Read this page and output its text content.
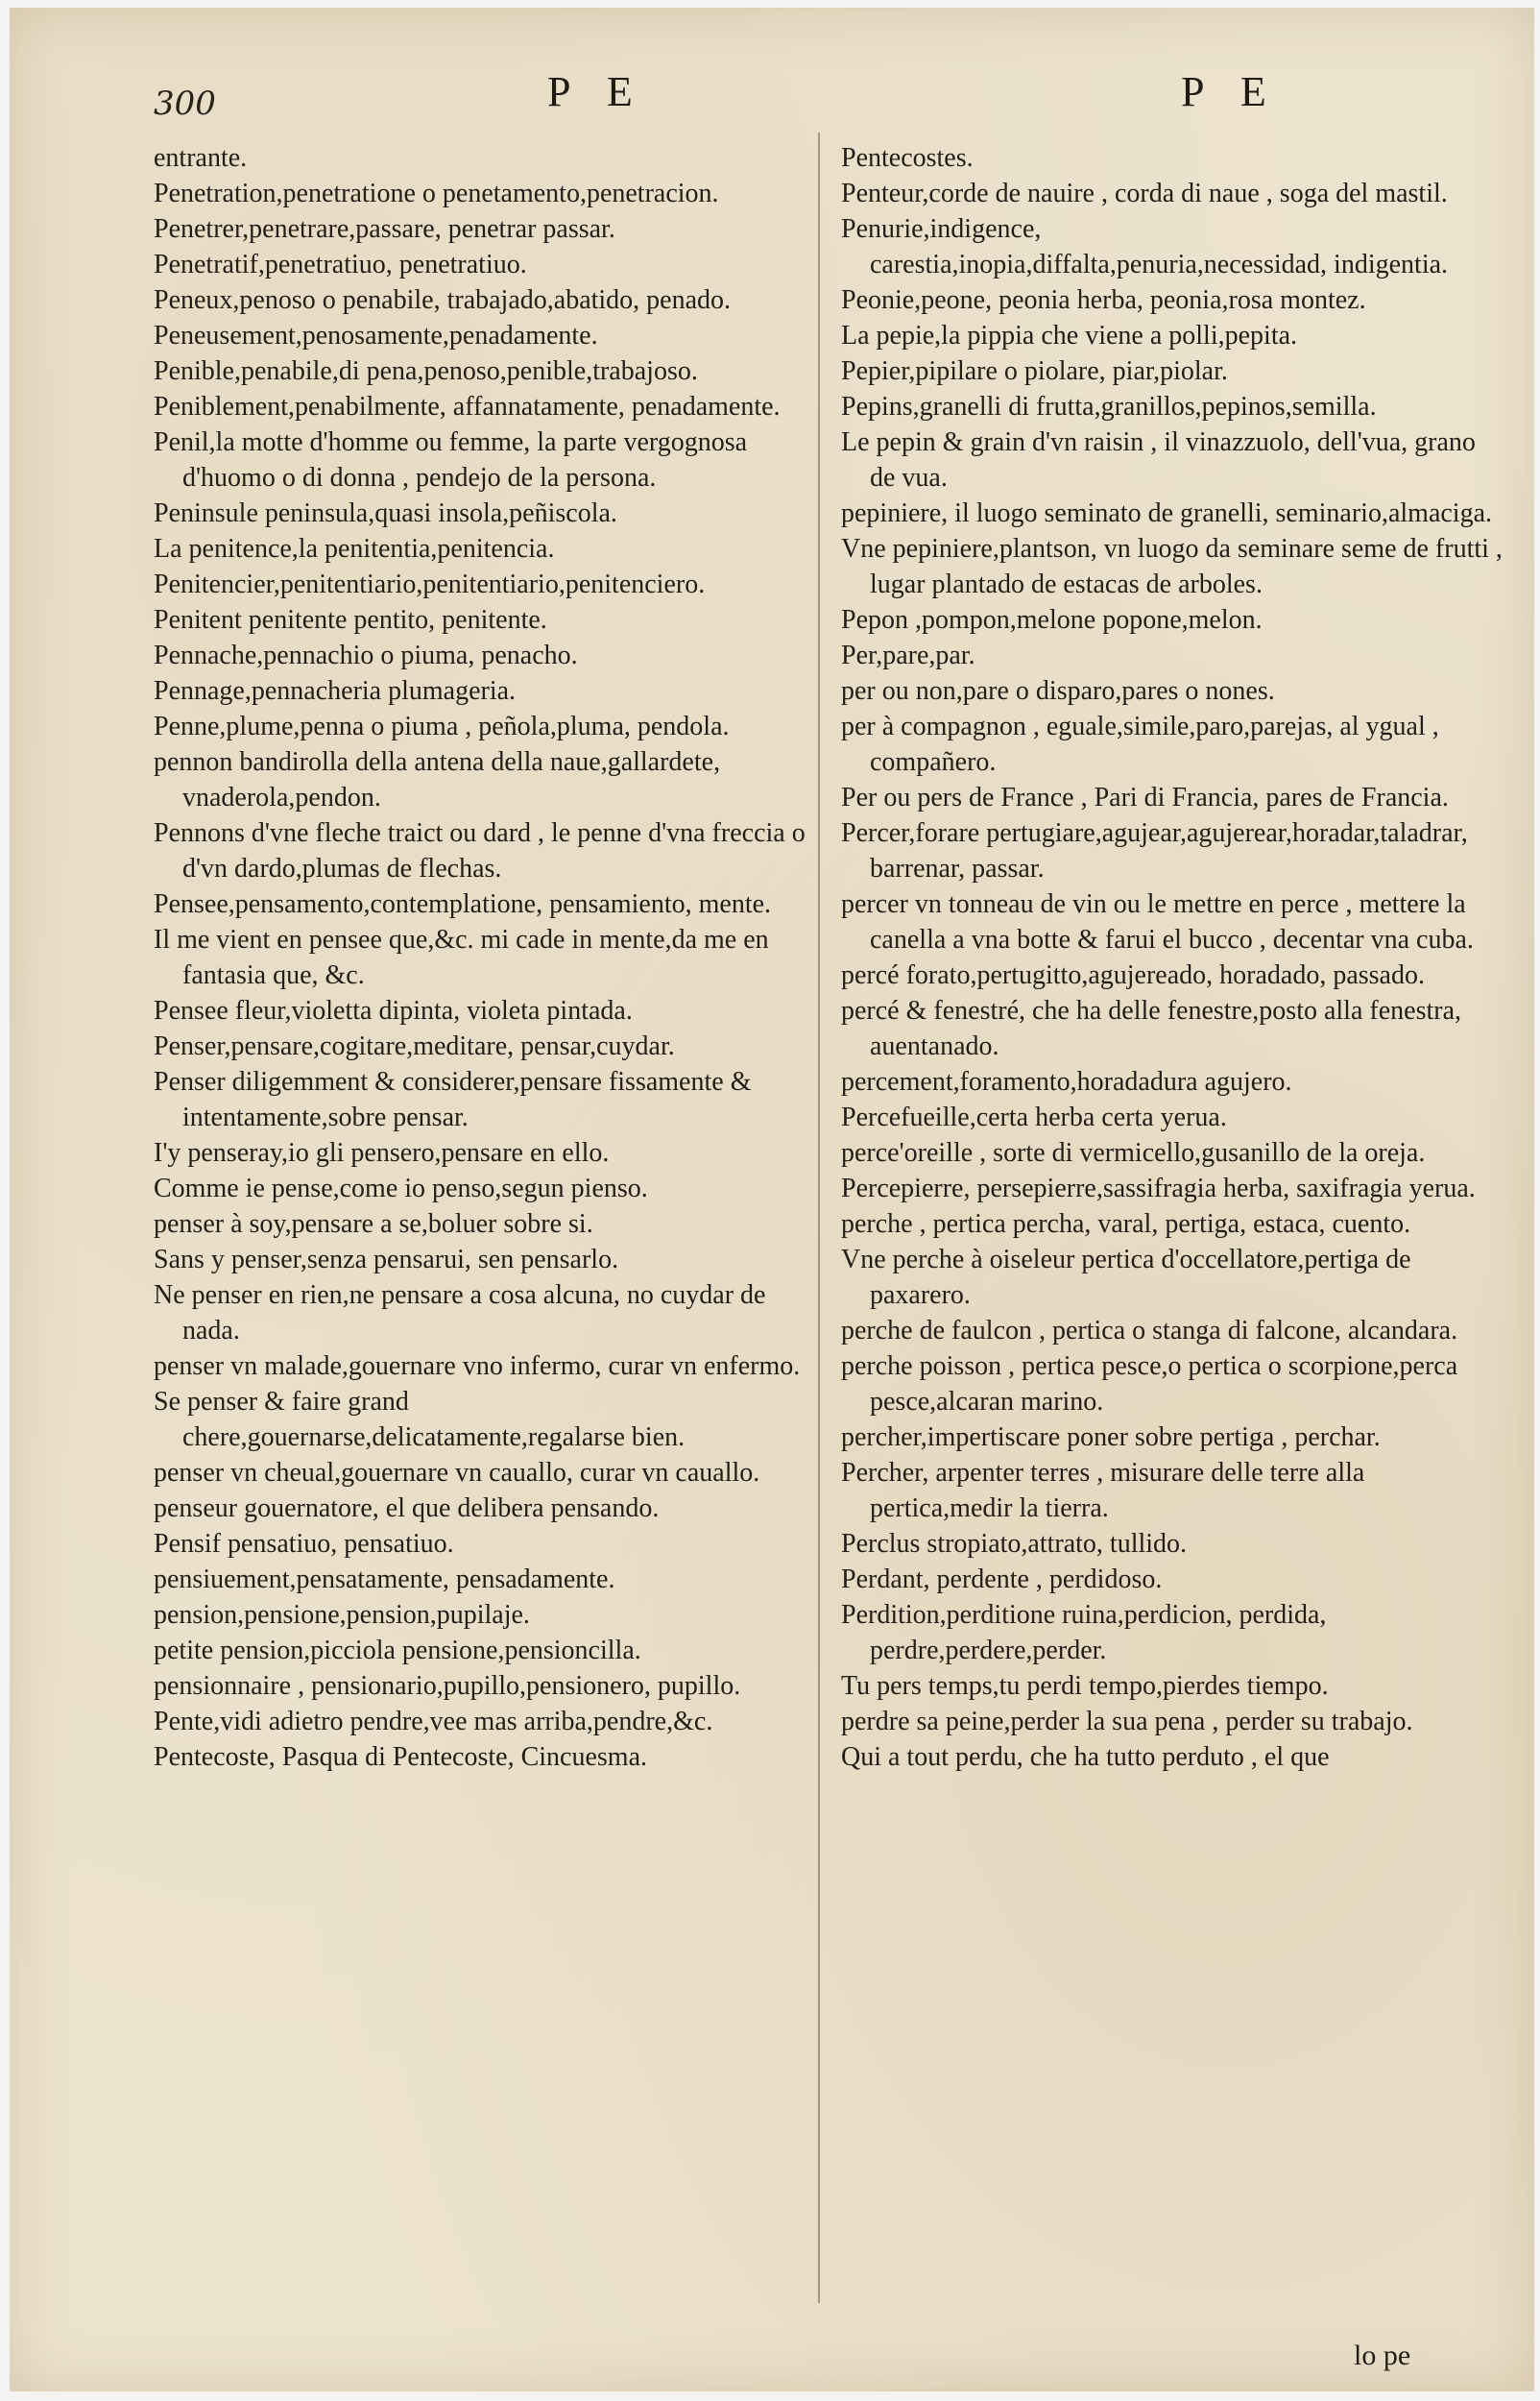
300	P E	P E

entrante.

Penetration,penetratione o penetamento,penetracion.

Penetrer,penetrare,passare, penetrar passar.

Penetratif,penetratiuo, penetratiuo.

Peneux,penoso o penabile, trabajado,abatido, penado.

Peneusement,penosamente,penadamente.

Penible,penabile,di pena,penoso,penible,trabajoso.

Peniblement,penabilmente, affannatamente, penadamente.

Penil,la motte d'homme ou femme, la parte vergognosa d'huomo o di donna , pendejo de la persona.

Peninsule peninsula,quasi insola,peñiscola.

La penitence,la penitentia,penitencia.

Penitencier,penitentiario,penitentiario,penitenciero.

Penitent penitente pentito, penitente.

Pennache,pennachio o piuma, penacho.

Pennage,pennacheria plumageria.

Penne,plume,penna o piuma , peñola,pluma, pendola.

pennon bandirolla della antena della naue,gallardete, vnaderola,pendon.

Pennons d'vne fleche traict ou dard , le penne d'vna freccia o d'vn dardo,plumas de flechas.

Pensee,pensamento,contemplatione, pensamiento, mente.

Il me vient en pensee que,&c. mi cade in mente,da me en fantasia que, &c.

Pensee fleur,violetta dipinta, violeta pintada.

Penser,pensare,cogitare,meditare, pensar,cuydar.

Penser diligemment & considerer,pensare fissamente & intentamente,sobre pensar.

I'y penseray,io gli pensero,pensare en ello.

Comme ie pense,come io penso,segun pienso.

penser à soy,pensare a se,boluer sobre si.

Sans y penser,senza pensarui, sen pensarlo.

Ne penser en rien,ne pensare a cosa alcuna, no cuydar de nada.

penser vn malade,gouernare vno infermo, curar vn enfermo.

Se penser & faire grand chere,gouernarse,delicatamente,regalarse bien.

penser vn cheual,gouernare vn cauallo, curar vn cauallo.

penseur gouernatore, el que delibera pensando.

Pensif pensatiuo, pensatiuo.

pensiuement,pensatamente, pensadamente.

pension,pensione,pension,pupilaje.

petite pension,picciola pensione,pensioncilla.

pensionnaire , pensionario,pupillo,pensionero, pupillo.

Pente,vidi adietro pendre,vee mas arriba,pendre,&c.

Pentecoste, Pasqua di Pentecoste, Cincuesma.

Pentecostes.

Penteur,corde de nauire , corda di naue , soga del mastil.

Penurie,indigence, carestia,inopia,diffalta,penuria,necessidad, indigentia.

Peonie,peone, peonia herba, peonia,rosa montez.

La pepie,la pippia che viene a polli,pepita.

Pepier,pipilare o piolare, piar,piolar.

Pepins,granelli di frutta,granillos,pepinos,semilla.

Le pepin & grain d'vn raisin , il vinazzuolo, dell'vua, grano de vua.

pepiniere, il luogo seminato de granelli, seminario,almaciga.

Vne pepiniere,plantson, vn luogo da seminare seme de frutti , lugar plantado de estacas de arboles.

Pepon ,pompon,melone popone,melon.

Per,pare,par.

per ou non,pare o disparo,pares o nones.

per à compagnon , eguale,simile,paro,parejas, al ygual , compañero.

Per ou pers de France , Pari di Francia, pares de Francia.

Percer,forare pertugiare,agujear,agujerear,horadar,taladrar, barrenar, passar.

percer vn tonneau de vin ou le mettre en perce , mettere la canella a vna botte & farui el bucco , decentar vna cuba.

percé forato,pertugitto,agujereado, horadado, passado.

percé & fenestré, che ha delle fenestre,posto alla fenestra, auentanado.

percement,foramento,horadadura agujero.

Percefueille,certa herba certa yerua.

perce'oreille , sorte di vermicello,gusanillo de la oreja.

Percepierre, persepierre,sassifragia herba, saxifragia yerua.

perche , pertica percha, varal, pertiga, estaca, cuento.

Vne perche à oiseleur pertica d'occellatore,pertiga de paxarero.

perche de faulcon , pertica o stanga di falcone, alcandara.

perche poisson , pertica pesce,o pertica o scorpione,perca pesce,alcaran marino.

percher,impertiscare poner sobre pertiga , perchar.

Percher, arpenter terres , misurare delle terre alla pertica,medir la tierra.

Perclus stropiato,attrato, tullido.

Perdant, perdente , perdidoso.

Perdition,perditione ruina,perdicion, perdida, perdre,perdere,perder.

Tu pers temps,tu perdi tempo,pierdes tiempo.

perdre sa peine,perder la sua pena , perder su trabajo.

Qui a tout perdu, che ha tutto perduto , el que

lo pe
